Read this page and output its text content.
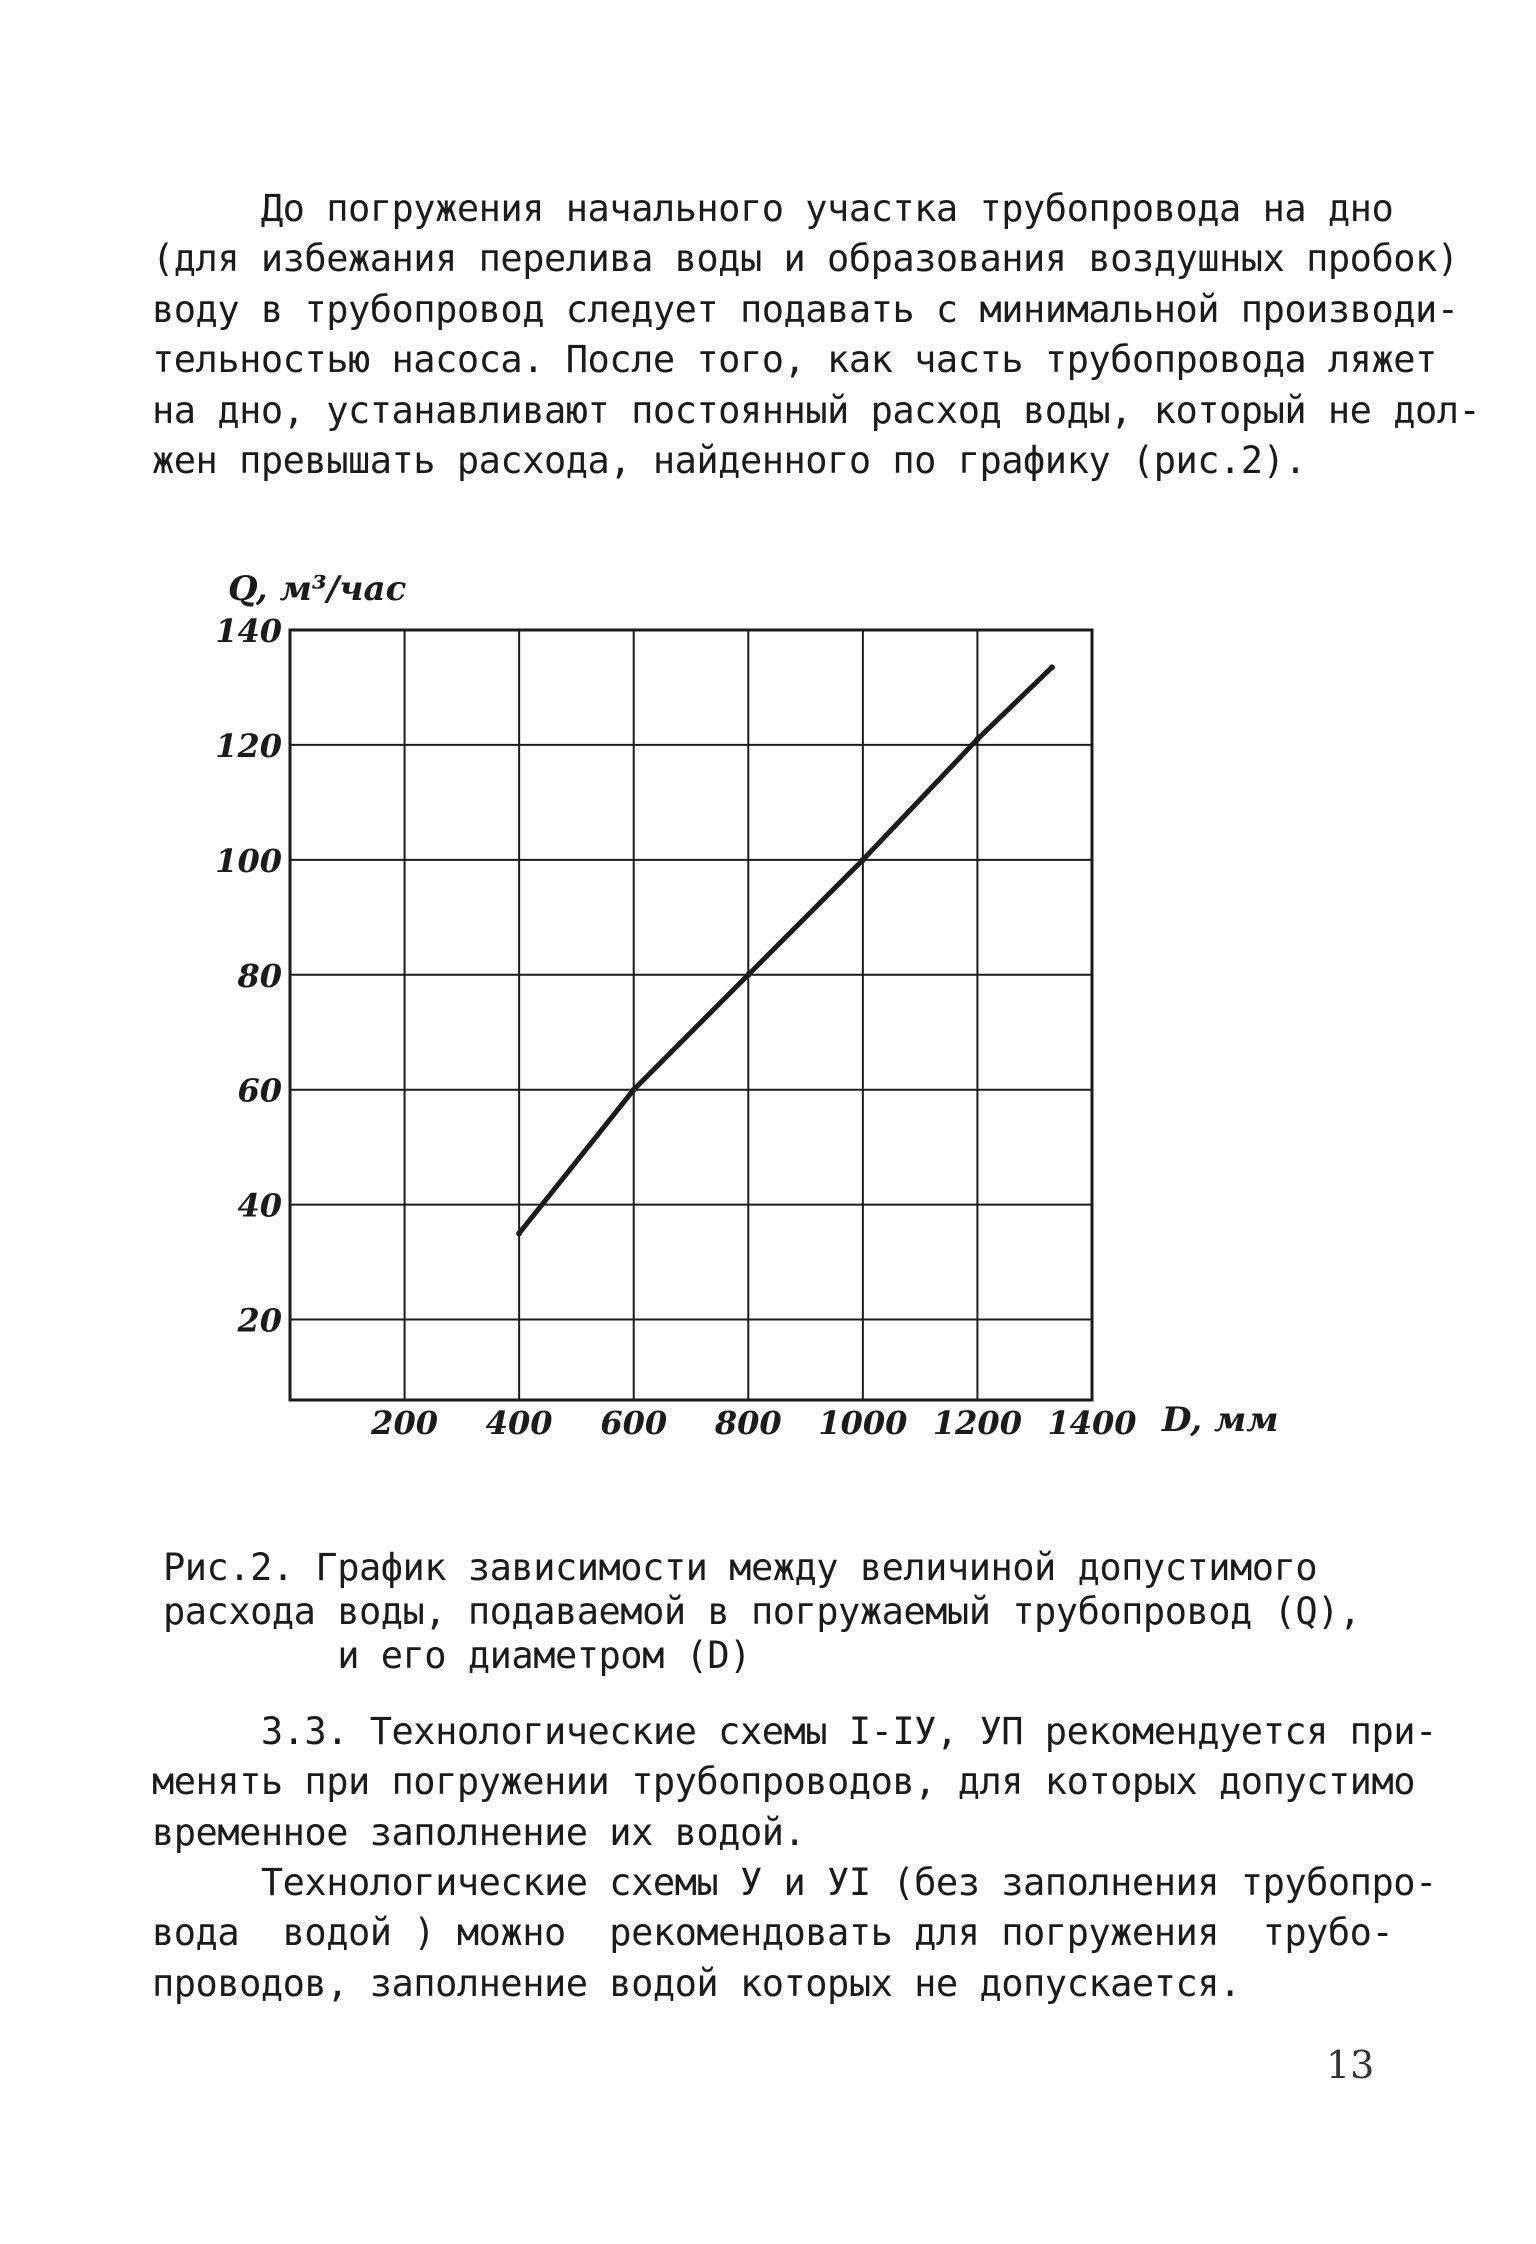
До погружения начального участка трубопровода на дно
(для избежания перелива воды и образования воздушных пробок)
воду в трубопровод следует подавать с минимальной производи-
тельностью насоса. После того, как часть трубопровода ляжет
на дно, устанавливают постоянный расход воды, который не дол-
жен превышать расхода, найденного по графику (рис.2).

200 400 600 800 1000 1200 1400
20
40
60
80
100
120
140
Q, м³/час
D, мм

Рис.2. График зависимости между величиной допустимого
расхода воды, подаваемой в погружаемый трубопровод (Q),
и его диаметром (D)

3.3. Технологические схемы I-IУ, УП рекомендуется при-
менять при погружении трубопроводов, для которых допустимо
временное заполнение их водой.

Технологические схемы У и УI (без заполнения трубопро-
вода  водой ) можно  рекомендовать для погружения  трубо-
проводов, заполнение водой которых не допускается.

13
